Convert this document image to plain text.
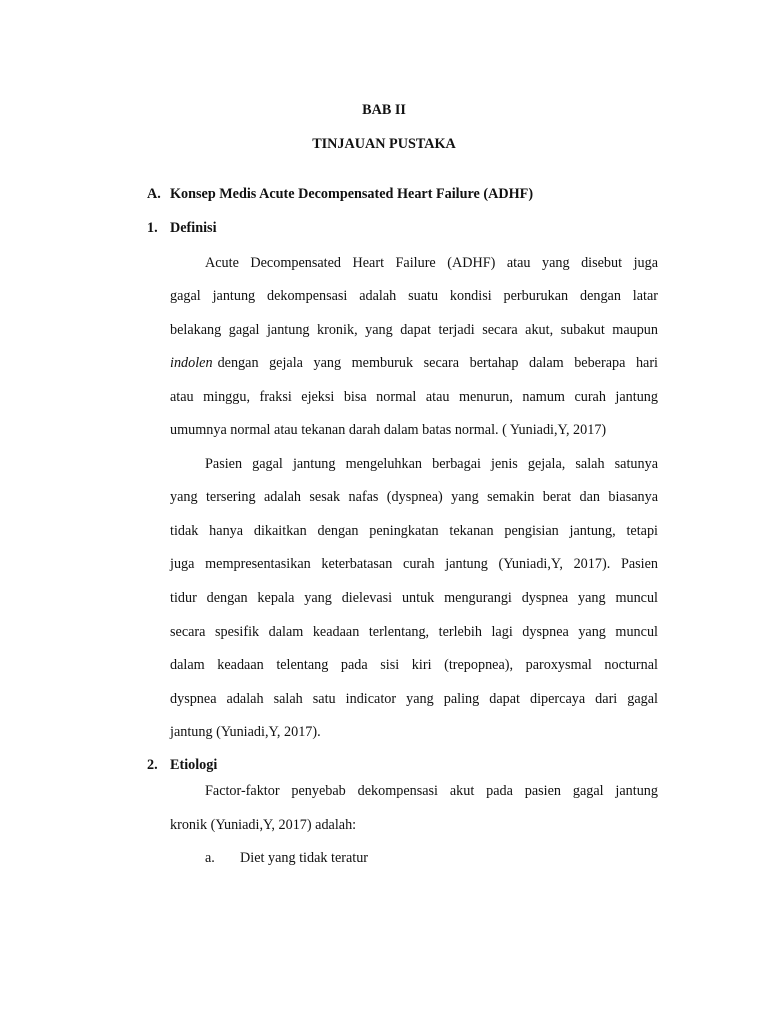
BAB II
TINJAUAN PUSTAKA
A. Konsep Medis Acute Decompensated Heart Failure (ADHF)
1. Definisi
Acute Decompensated Heart Failure (ADHF) atau yang disebut juga
gagal jantung dekompensasi adalah suatu kondisi perburukan dengan latar
belakang gagal jantung kronik, yang dapat terjadi secara akut, subakut maupun
indolen dengan gejala yang memburuk secara bertahap dalam beberapa hari
atau minggu, fraksi ejeksi bisa normal atau menurun, namum curah jantung
umumnya normal atau tekanan darah dalam batas normal. ( Yuniadi,Y, 2017)
Pasien gagal jantung mengeluhkan berbagai jenis gejala, salah satunya
yang tersering adalah sesak nafas (dyspnea) yang semakin berat dan biasanya
tidak hanya dikaitkan dengan peningkatan tekanan pengisian jantung, tetapi
juga mempresentasikan keterbatasan curah jantung (Yuniadi,Y, 2017). Pasien
tidur dengan kepala yang dielevasi untuk mengurangi dyspnea yang muncul
secara spesifik dalam keadaan terlentang, terlebih lagi dyspnea yang muncul
dalam keadaan telentang pada sisi kiri (trepopnea), paroxysmal nocturnal
dyspnea adalah salah satu indicator yang paling dapat dipercaya dari gagal
jantung (Yuniadi,Y, 2017).
2. Etiologi
Factor-faktor penyebab dekompensasi akut pada pasien gagal jantung
kronik (Yuniadi,Y, 2017) adalah:
a. Diet yang tidak teratur
